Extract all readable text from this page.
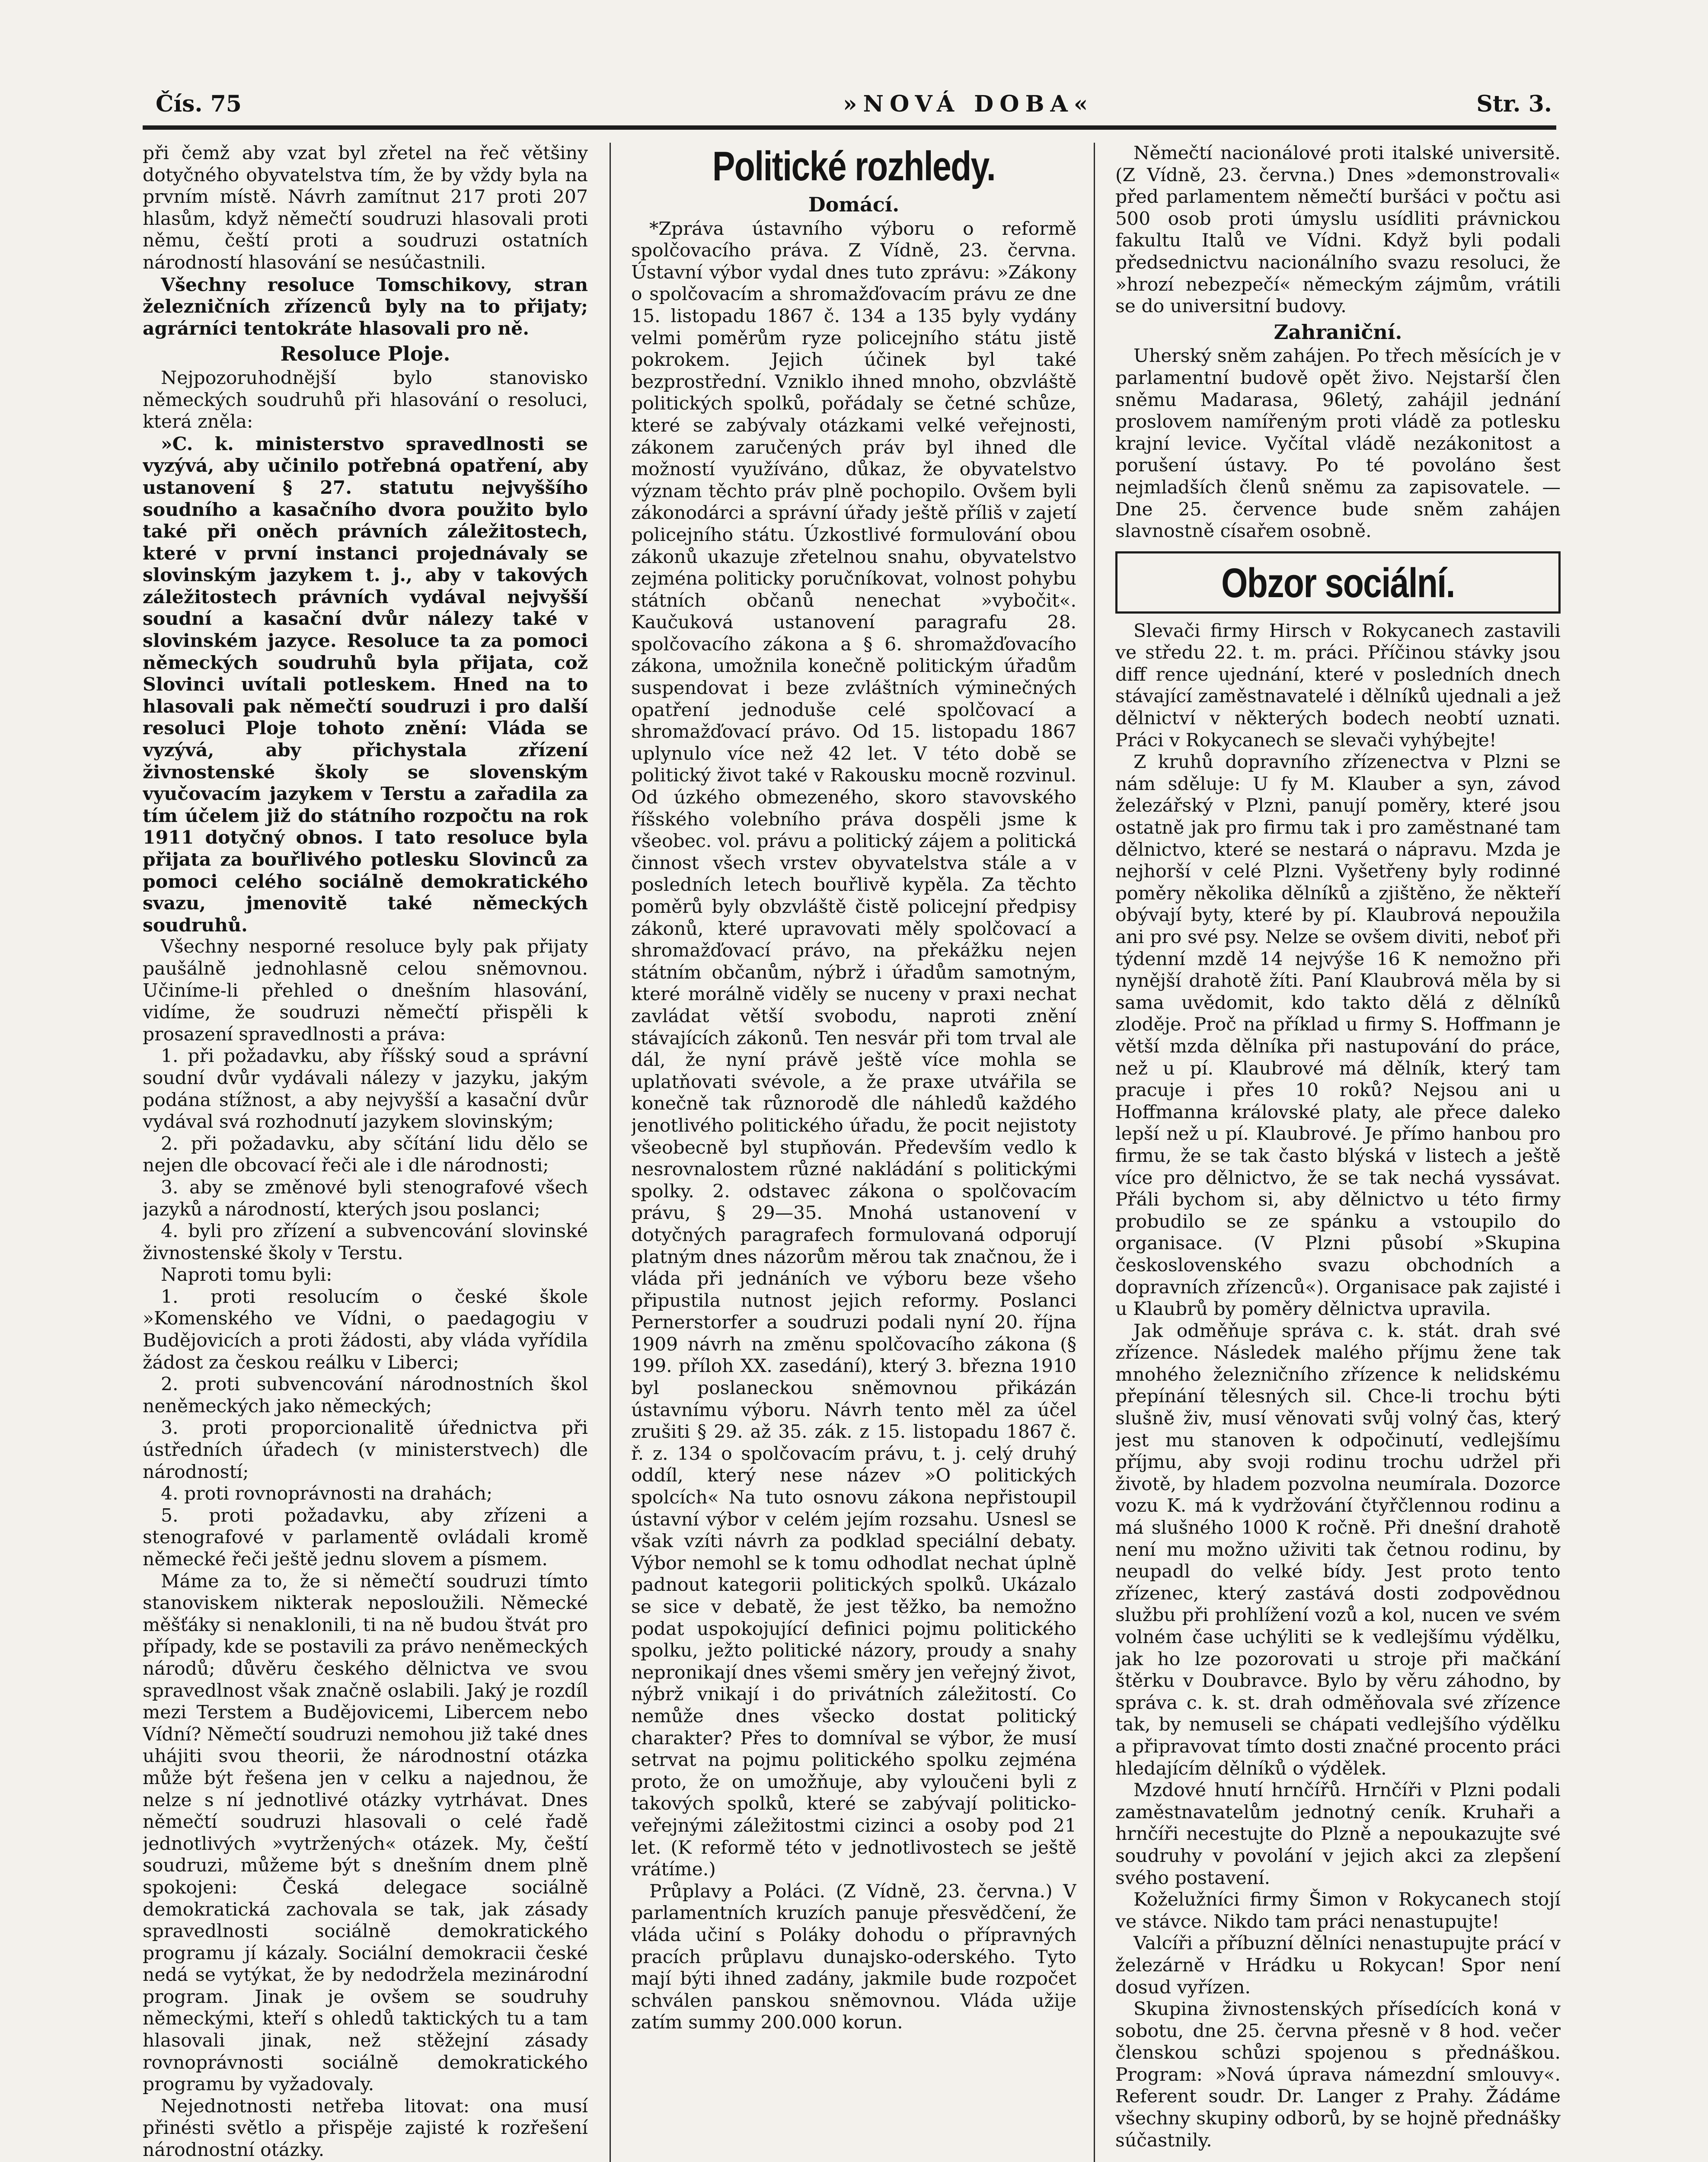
Čís. 75	»NOVÁ DOBA«	Str. 3.

při čemž aby vzat byl zřetel na řeč většiny dotyčného obyvatelstva tím, že by vždy byla na prvním místě. Návrh zamítnut 217 proti 207 hlasům, když němečtí soudruzi hlasovali proti němu, čeští proti a soudruzi ostatních národností hlasování se nesúčastnili.

Všechny resoluce Tomschikovy, stran železničních zřízenců byly na to přijaty; agrárníci tentokráte hlasovali pro ně.

Resoluce Ploje.

Nejpozoruhodnější bylo stanovisko německých soudruhů při hlasování o resoluci, která zněla:

»C. k. ministerstvo spravedlnosti se vyzývá, aby učinilo potřebná opatření, aby ustanovení § 27. statutu nejvyššího soudního a kasačního dvora použito bylo také při oněch právních záležitostech, které v první instanci projednávaly se slovinským jazykem t. j., aby v takových záležitostech právních vydával nejvyšší soudní a kasační dvůr nálezy také v slovinském jazyce. Resoluce ta za pomoci německých soudruhů byla přijata, což Slovinci uvítali potleskem. Hned na to hlasovali pak němečtí soudruzi i pro další resoluci Ploje tohoto znění: Vláda se vyzývá, aby přichystala zřízení živnostenské školy se slovenským vyučovacím jazykem v Terstu a zařadila za tím účelem již do státního rozpočtu na rok 1911 dotyčný obnos. I tato resoluce byla přijata za bouřlivého potlesku Slovinců za pomoci celého sociálně demokratického svazu, jmenovitě také německých soudruhů.

Všechny nesporné resoluce byly pak přijaty paušálně jednohlasně celou sněmovnou. Učiníme-li přehled o dnešním hlasování, vidíme, že soudruzi němečtí přispěli k prosazení spravedlnosti a práva:

1. při požadavku, aby říšský soud a správní soudní dvůr vydávali nálezy v jazyku, jakým podána stížnost, a aby nejvyšší a kasační dvůr vydával svá rozhodnutí jazykem slovinským;

2. při požadavku, aby sčítání lidu dělo se nejen dle obcovací řeči ale i dle národnosti;

3. aby se změnové byli stenografové všech jazyků a národností, kterých jsou poslanci;

4. byli pro zřízení a subvencování slovinské živnostenské školy v Terstu.

Naproti tomu byli:

1. proti resolucím o české škole »Komenského ve Vídni, o paedagogiu v Budějovicích a proti žádosti, aby vláda vyřídila žádost za českou reálku v Liberci;

2. proti subvencování národnostních škol neněmeckých jako německých;

3. proti proporcionalitě úřednictva při ústředních úřadech (v ministerstvech) dle národností;

4. proti rovnoprávnosti na drahách;

5. proti požadavku, aby zřízeni a stenografové v parlamentě ovládali kromě německé řeči ještě jednu slovem a písmem.

Máme za to, že si němečtí soudruzi tímto stanoviskem nikterak neposloužili. Německé měšťáky si nenaklonili, ti na ně budou štvát pro případy, kde se postavili za právo neněmeckých národů; důvěru českého dělnictva ve svou spravedlnost však značně oslabili. Jaký je rozdíl mezi Terstem a Budějovicemi, Libercem nebo Vídní? Němečtí soudruzi nemohou již také dnes uhájiti svou theorii, že národnostní otázka může být řešena jen v celku a najednou, že nelze s ní jednotlivé otázky vytrhávat. Dnes němečtí soudruzi hlasovali o celé řadě jednotlivých »vytržených« otázek. My, čeští soudruzi, můžeme být s dnešním dnem plně spokojeni: Česká delegace sociálně demokratická zachovala se tak, jak zásady spravedlnosti sociálně demokratického programu jí kázaly. Sociální demokracii české nedá se vytýkat, že by nedodržela mezinárodní program. Jinak je ovšem se soudruhy německými, kteří s ohledů taktických tu a tam hlasovali jinak, než stěžejní zásady rovnoprávnosti sociálně demokratického programu by vyžadovaly.

Nejednotnosti netřeba litovat: ona musí přinésti světlo a přispěje zajisté k rozřešení národnostní otázky.

Politické rozhledy.

Domácí.

*Zpráva ústavního výboru o reformě spolčovacího práva. Z Vídně, 23. června. Ústavní výbor vydal dnes tuto zprávu: »Zákony o spolčovacím a shromažďovacím právu ze dne 15. listopadu 1867 č. 134 a 135 byly vydány velmi poměrům ryze policejního státu jistě pokrokem. Jejich účinek byl také bezprostřední. Vzniklo ihned mnoho, obzvláště politických spolků, pořádaly se četné schůze, které se zabývaly otázkami velké veřejnosti, zákonem zaručených práv byl ihned dle možností využíváno, důkaz, že obyvatelstvo význam těchto práv plně pochopilo. Ovšem byli zákonodárci a správní úřady ještě příliš v zajetí policejního státu. Úzkostlivé formulování obou zákonů ukazuje zřetelnou snahu, obyvatelstvo zejména politicky poručníkovat, volnost pohybu státních občanů nenechat »vybočit«. Kaučuková ustanovení paragrafu 28. spolčovacího zákona a § 6. shromažďovacího zákona, umožnila konečně politickým úřadům suspendovat i beze zvláštních výminečných opatření jednoduše celé spolčovací a shromažďovací právo. Od 15. listopadu 1867 uplynulo více než 42 let. V této době se politický život také v Rakousku mocně rozvinul. Od úzkého obmezeného, skoro stavovského říšského volebního práva dospěli jsme k všeobec. vol. právu a politický zájem a politická činnost všech vrstev obyvatelstva stále a v posledních letech bouřlivě kypěla. Za těchto poměrů byly obzvláště čistě policejní předpisy zákonů, které upravovati měly spolčovací a shromažďovací právo, na překážku nejen státním občanům, nýbrž i úřadům samotným, které morálně viděly se nuceny v praxi nechat zavládat větší svobodu, naproti znění stávajících zákonů. Ten nesvár při tom trval ale dál, že nyní právě ještě více mohla se uplatňovati svévole, a že praxe utvářila se konečně tak různorodě dle náhledů každého jenotlivého politického úřadu, že pocit nejistoty všeobecně byl stupňován. Především vedlo k nesrovnalostem různé nakládání s politickými spolky. 2. odstavec zákona o spolčovacím právu, § 29—35. Mnohá ustanovení v dotyčných paragrafech formulovaná odporují platným dnes názorům měrou tak značnou, že i vláda při jednáních ve výboru beze všeho připustila nutnost jejich reformy. Poslanci Pernerstorfer a soudruzi podali nyní 20. října 1909 návrh na změnu spolčovacího zákona (§ 199. příloh XX. zasedání), který 3. března 1910 byl poslaneckou sněmovnou přikázán ústavnímu výboru. Návrh tento měl za účel zrušiti § 29. až 35. zák. z 15. listopadu 1867 č. ř. z. 134 o spolčovacím právu, t. j. celý druhý oddíl, který nese název »O politických spolcích« Na tuto osnovu zákona nepřistoupil ústavní výbor v celém jejím rozsahu. Usnesl se však vzíti návrh za podklad speciální debaty. Výbor nemohl se k tomu odhodlat nechat úplně padnout kategorii politických spolků. Ukázalo se sice v debatě, že jest těžko, ba nemožno podat uspokojující definici pojmu politického spolku, ježto politické názory, proudy a snahy nepronikají dnes všemi směry jen veřejný život, nýbrž vnikají i do privátních záležitostí. Co nemůže dnes všecko dostat politický charakter? Přes to domníval se výbor, že musí setrvat na pojmu politického spolku zejména proto, že on umožňuje, aby vyloučeni byli z takových spolků, které se zabývají politicko-veřejnými záležitostmi cizinci a osoby pod 21 let. (K reformě této v jednotlivostech se ještě vrátíme.)

Průplavy a Poláci. (Z Vídně, 23. června.) V parlamentních kruzích panuje přesvědčení, že vláda učiní s Poláky dohodu o přípravných pracích průplavu dunajsko-oderského. Tyto mají býti ihned zadány, jakmile bude rozpočet schválen panskou sněmovnou. Vláda užije zatím summy 200.000 korun.

Němečtí nacionálové proti italské universitě. (Z Vídně, 23. června.) Dnes »demonstrovali« před parlamentem němečtí buršáci v počtu asi 500 osob proti úmyslu usídliti právnickou fakultu Italů ve Vídni. Když byli podali předsednictvu nacionálního svazu resoluci, že »hrozí nebezpečí« německým zájmům, vrátili se do universitní budovy.

Zahraniční.

Uherský sněm zahájen. Po třech měsících je v parlamentní budově opět živo. Nejstarší člen sněmu Madarasa, 96letý, zahájil jednání proslovem namířeným proti vládě za potlesku krajní levice. Vyčítal vládě nezákonitost a porušení ústavy. Po té povoláno šest nejmladších členů sněmu za zapisovatele. — Dne 25. července bude sněm zahájen slavnostně císařem osobně.

Obzor sociální.

Slevači firmy Hirsch v Rokycanech zastavili ve středu 22. t. m. práci. Příčinou stávky jsou diff rence ujednání, které v posledních dnech stávající zaměstnavatelé i dělníků ujednali a jež dělnictví v některých bodech neobtí uznati. Práci v Rokycanech se slevači vyhýbejte!

Z kruhů dopravního zřízenectva v Plzni se nám sděluje: U fy M. Klauber a syn, závod železářský v Plzni, panují poměry, které jsou ostatně jak pro firmu tak i pro zaměstnané tam dělnictvo, které se nestará o nápravu. Mzda je nejhorší v celé Plzni. Vyšetřeny byly rodinné poměry několika dělníků a zjištěno, že někteří obývají byty, které by pí. Klaubrová nepoužila ani pro své psy. Nelze se ovšem diviti, neboť při týdenní mzdě 14 nejvýše 16 K nemožno při nynější drahotě žíti. Paní Klaubrová měla by si sama uvědomit, kdo takto dělá z dělníků zloděje. Proč na příklad u firmy S. Hoffmann je větší mzda dělníka při nastupování do práce, než u pí. Klaubrové má dělník, který tam pracuje i přes 10 roků? Nejsou ani u Hoffmanna královské platy, ale přece daleko lepší než u pí. Klaubrové. Je přímo hanbou pro firmu, že se tak často blýská v listech a ještě více pro dělnictvo, že se tak nechá vyssávat. Přáli bychom si, aby dělnictvo u této firmy probudilo se ze spánku a vstoupilo do organisace. (V Plzni působí »Skupina československého svazu obchodních a dopravních zřízenců«). Organisace pak zajisté i u Klaubrů by poměry dělnictva upravila.

Jak odměňuje správa c. k. stát. drah své zřízence. Následek malého příjmu žene tak mnohého železničního zřízence k nelidskému přepínání tělesných sil. Chce-li trochu býti slušně živ, musí věnovati svůj volný čas, který jest mu stanoven k odpočinutí, vedlejšímu příjmu, aby svoji rodinu trochu udržel při životě, by hladem pozvolna neumírala. Dozorce vozu K. má k vydržování čtyřčlennou rodinu a má slušného 1000 K ročně. Při dnešní drahotě není mu možno uživiti tak četnou rodinu, by neupadl do velké bídy. Jest proto tento zřízenec, který zastává dosti zodpovědnou službu při prohlížení vozů a kol, nucen ve svém volném čase uchýliti se k vedlejšímu výdělku, jak ho lze pozorovati u stroje při mačkání štěrku v Doubravce. Bylo by věru záhodno, by správa c. k. st. drah odměňovala své zřízence tak, by nemuseli se chápati vedlejšího výdělku a připravovat tímto dosti značné procento práci hledajícím dělníků o výdělek.

Mzdové hnutí hrnčířů. Hrnčíři v Plzni podali zaměstnavatelům jednotný ceník. Kruhaři a hrnčíři necestujte do Plzně a nepoukazujte své soudruhy v povolání v jejich akci za zlepšení svého postavení.

Koželužníci firmy Šimon v Rokycanech stojí ve stávce. Nikdo tam práci nenastupujte!

Valcíři a příbuzní dělníci nenastupujte prácí v železárně v Hrádku u Rokycan! Spor není dosud vyřízen.

Skupina živnostenských přísedících koná v sobotu, dne 25. června přesně v 8 hod. večer členskou schůzi spojenou s přednáškou. Program: »Nová úprava námezdní smlouvy«. Referent soudr. Dr. Langer z Prahy. Žádáme všechny skupiny odborů, by se hojně přednášky súčastnily.
